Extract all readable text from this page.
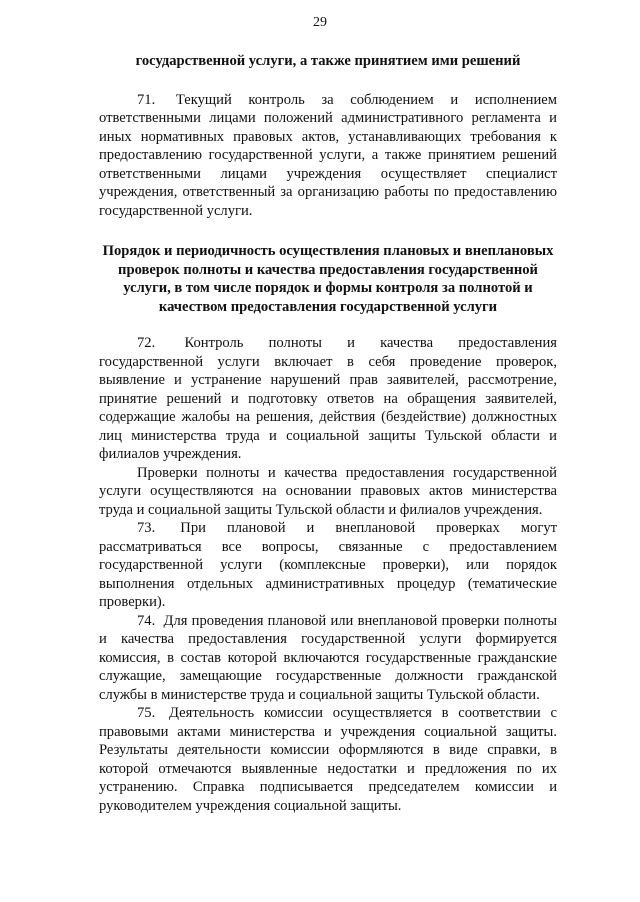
29

государственной услуги, а также принятием ими решений

71. Текущий контроль за соблюдением и исполнением ответственными лицами положений административного регламента и иных нормативных правовых актов, устанавливающих требования к предоставлению государственной услуги, а также принятием решений ответственными лицами учреждения осуществляет специалист учреждения, ответственный за организацию работы по предоставлению государственной услуги.

Порядок и периодичность осуществления плановых и внеплановых проверок полноты и качества предоставления государственной услуги, в том числе порядок и формы контроля за полнотой и качеством предоставления государственной услуги

72. Контроль полноты и качества предоставления государственной услуги включает в себя проведение проверок, выявление и устранение нарушений прав заявителей, рассмотрение, принятие решений и подготовку ответов на обращения заявителей, содержащие жалобы на решения, действия (бездействие) должностных лиц министерства труда и социальной защиты Тульской области и филиалов учреждения.

Проверки полноты и качества предоставления государственной услуги осуществляются на основании правовых актов министерства труда и социальной защиты Тульской области и филиалов учреждения.

73. При плановой и внеплановой проверках могут рассматриваться все вопросы, связанные с предоставлением государственной услуги (комплексные проверки), или порядок выполнения отдельных административных процедур (тематические проверки).

74. Для проведения плановой или внеплановой проверки полноты и качества предоставления государственной услуги формируется комиссия, в состав которой включаются государственные гражданские служащие, замещающие государственные должности гражданской службы в министерстве труда и социальной защиты Тульской области.

75. Деятельность комиссии осуществляется в соответствии с правовыми актами министерства и учреждения социальной защиты. Результаты деятельности комиссии оформляются в виде справки, в которой отмечаются выявленные недостатки и предложения по их устранению. Справка подписывается председателем комиссии и руководителем учреждения социальной защиты.
